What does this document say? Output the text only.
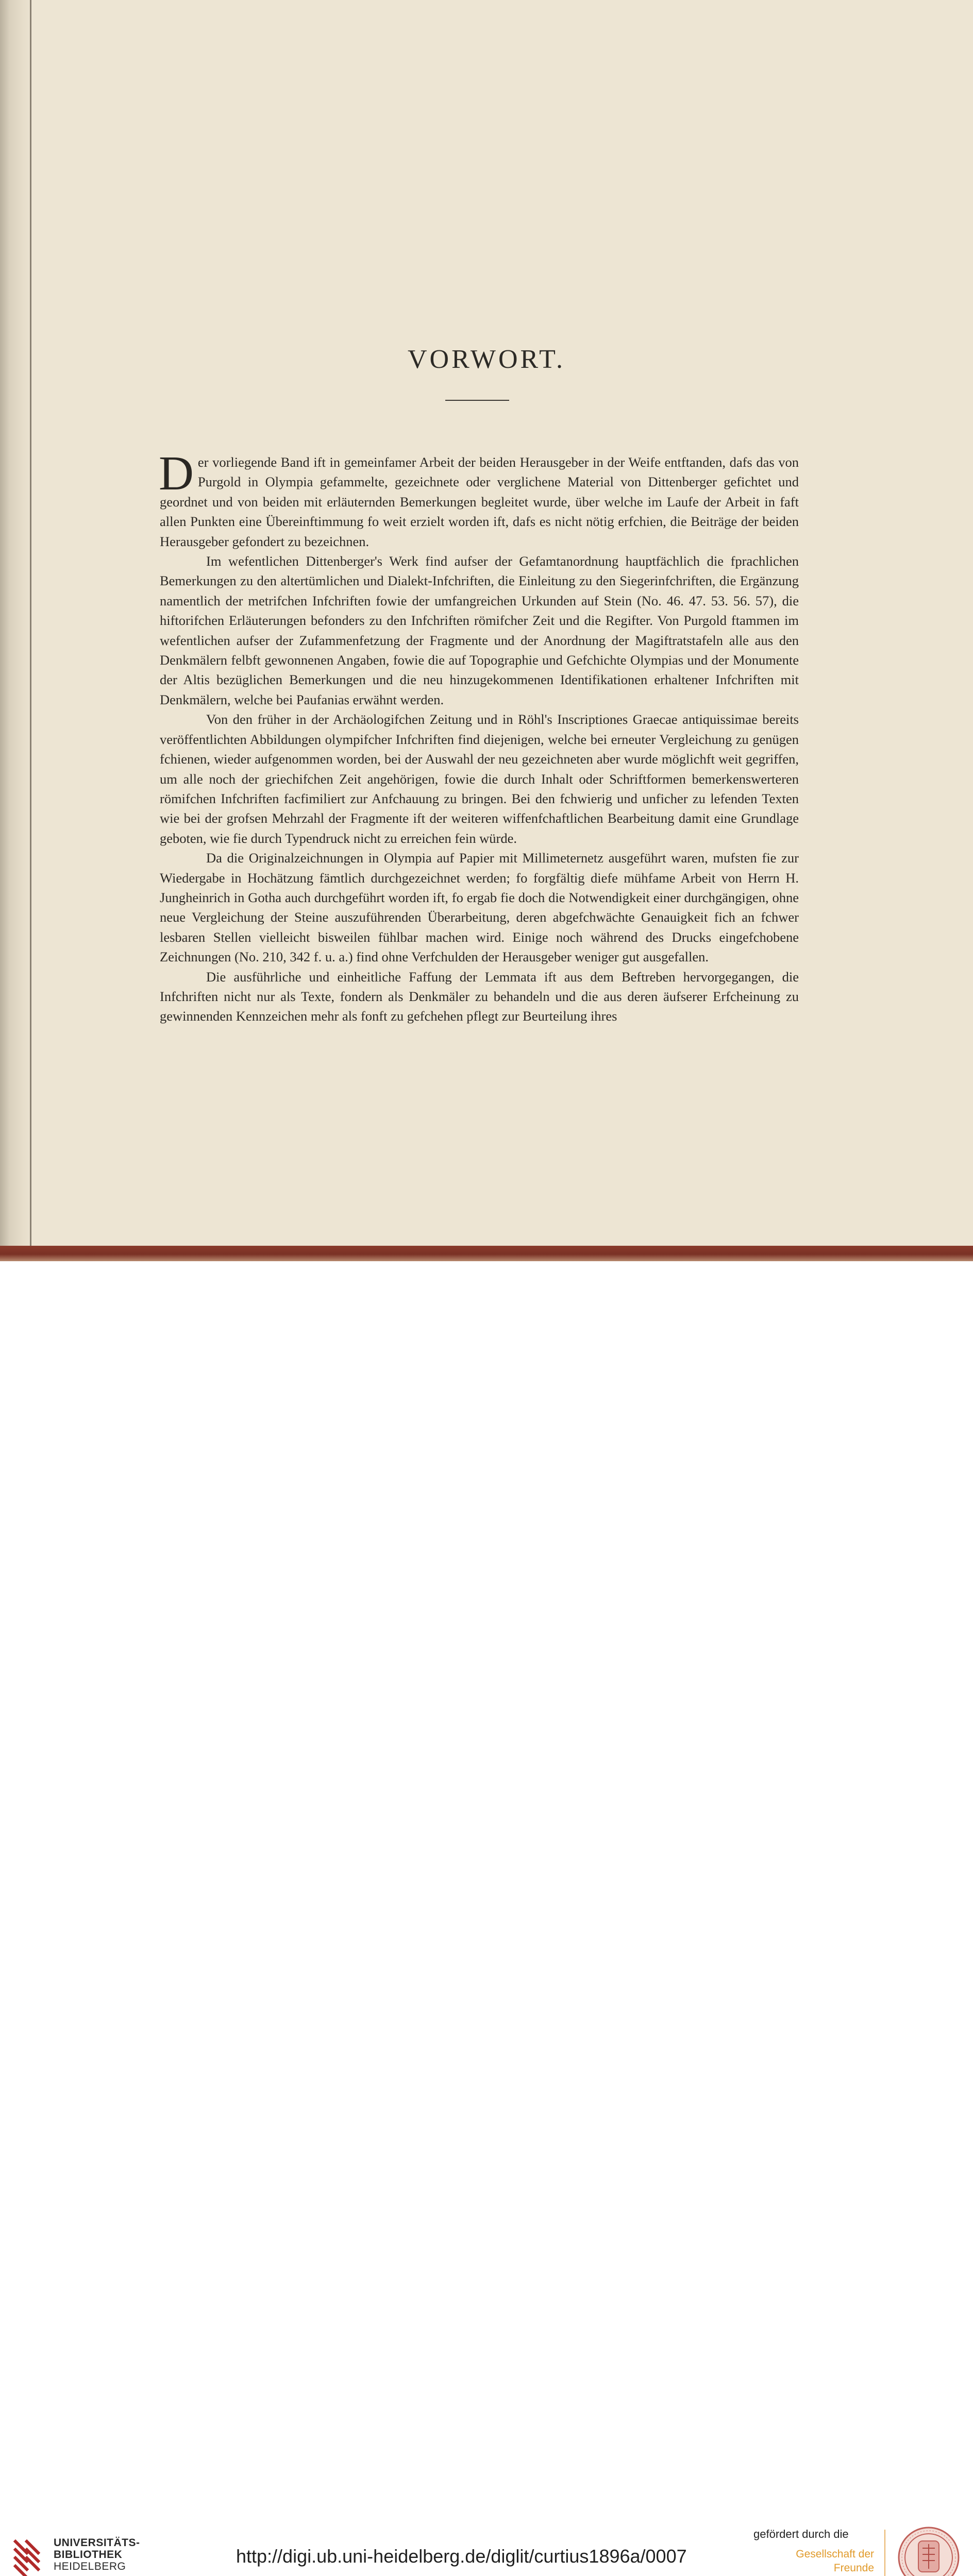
VORWORT.

Der vorliegende Band ift in gemeinfamer Arbeit der beiden Herausgeber in der Weife entftanden, dafs das von Purgold in Olympia gefammelte, gezeichnete oder verglichene Material von Dittenberger gefichtet und geordnet und von beiden mit erläuternden Bemerkungen begleitet wurde, über welche im Laufe der Arbeit in faft allen Punkten eine Übereinftimmung fo weit erzielt worden ift, dafs es nicht nötig erfchien, die Beiträge der beiden Herausgeber gefondert zu bezeichnen.

Im wefentlichen Dittenberger's Werk find aufser der Gefamtanordnung hauptfächlich die fprachlichen Bemerkungen zu den altertümlichen und Dialekt-Infchriften, die Einleitung zu den Siegerinfchriften, die Ergänzung namentlich der metrifchen Infchriften fowie der umfangreichen Urkunden auf Stein (No. 46. 47. 53. 56. 57), die hiftorifchen Erläuterungen befonders zu den Infchriften römifcher Zeit und die Regifter. Von Purgold ftammen im wefentlichen aufser der Zufammenfetzung der Fragmente und der Anordnung der Magiftratstafeln alle aus den Denkmälern felbft gewonnenen Angaben, fowie die auf Topographie und Gefchichte Olympias und der Monumente der Altis bezüglichen Bemerkungen und die neu hinzugekommenen Identifikationen erhaltener Infchriften mit Denkmälern, welche bei Paufanias erwähnt werden.

Von den früher in der Archäologifchen Zeitung und in Röhl's Inscriptiones Graecae antiquissimae bereits veröffentlichten Abbildungen olympifcher Infchriften find diejenigen, welche bei erneuter Vergleichung zu genügen fchienen, wieder aufgenommen worden, bei der Auswahl der neu gezeichneten aber wurde möglichft weit gegriffen, um alle noch der griechifchen Zeit angehörigen, fowie die durch Inhalt oder Schriftformen bemerkenswerteren römifchen Infchriften facfimiliert zur Anfchauung zu bringen. Bei den fchwierig und unficher zu lefenden Texten wie bei der grofsen Mehrzahl der Fragmente ift der weiteren wiffenfchaftlichen Bearbeitung damit eine Grundlage geboten, wie fie durch Typendruck nicht zu erreichen fein würde.

Da die Originalzeichnungen in Olympia auf Papier mit Millimeternetz ausgeführt waren, mufsten fie zur Wiedergabe in Hochätzung fämtlich durchgezeichnet werden; fo forgfältig diefe mühfame Arbeit von Herrn H. Jungheinrich in Gotha auch durchgeführt worden ift, fo ergab fie doch die Notwendigkeit einer durchgängigen, ohne neue Vergleichung der Steine auszuführenden Überarbeitung, deren abgefchwächte Genauigkeit fich an fchwer lesbaren Stellen vielleicht bisweilen fühlbar machen wird. Einige noch während des Drucks eingefchobene Zeichnungen (No. 210, 342 f. u. a.) find ohne Verfchulden der Herausgeber weniger gut ausgefallen.

Die ausführliche und einheitliche Faffung der Lemmata ift aus dem Beftreben hervorgegangen, die Infchriften nicht nur als Texte, fondern als Denkmäler zu behandeln und die aus deren äufserer Erfcheinung zu gewinnenden Kennzeichen mehr als fonft zu gefchehen pflegt zur Beurteilung ihres

UNIVERSITÄTS-
BIBLIOTHEK
HEIDELBERG	http://digi.ub.uni-heidelberg.de/diglit/curtius1896a/0007
gefördert durch die
Gesellschaft der Freunde
